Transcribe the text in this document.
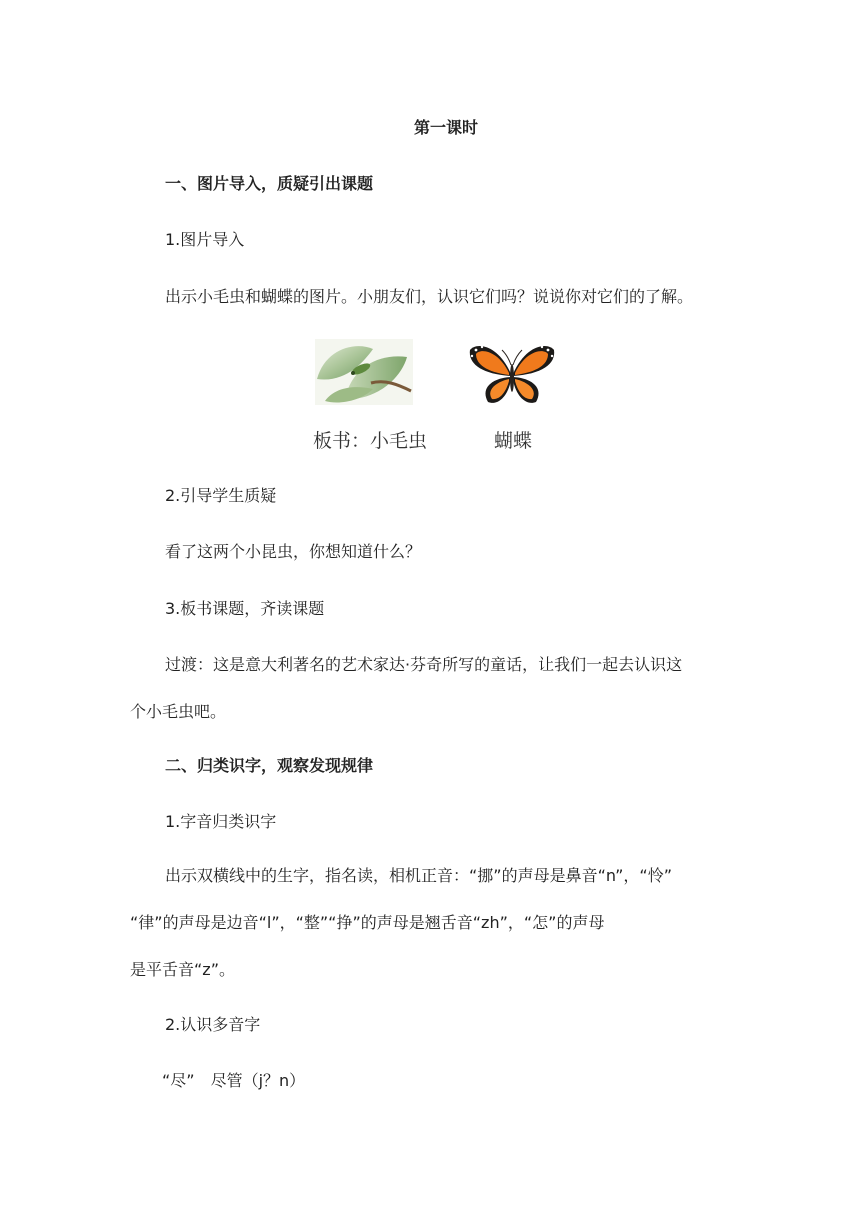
第一课时
一、图片导入，质疑引出课题
1.图片导入
出示小毛虫和蝴蝶的图片。小朋友们，认识它们吗？说说你对它们的了解。
板书：小毛虫	蝴蝶
2.引导学生质疑
看了这两个小昆虫，你想知道什么？
3.板书课题，齐读课题
过渡：这是意大利著名的艺术家达·芬奇所写的童话，让我们一起去认识这
个小毛虫吧。
二、归类识字，观察发现规律
1.字音归类识字
出示双横线中的生字，指名读，相机正音：“挪”的声母是鼻音“n”，“怜”
“律”的声母是边音“l”，“整”“挣”的声母是翘舌音“zh”，“怎”的声母
是平舌音“z”。
2.认识多音字
“尽”　尽管（j？n）
